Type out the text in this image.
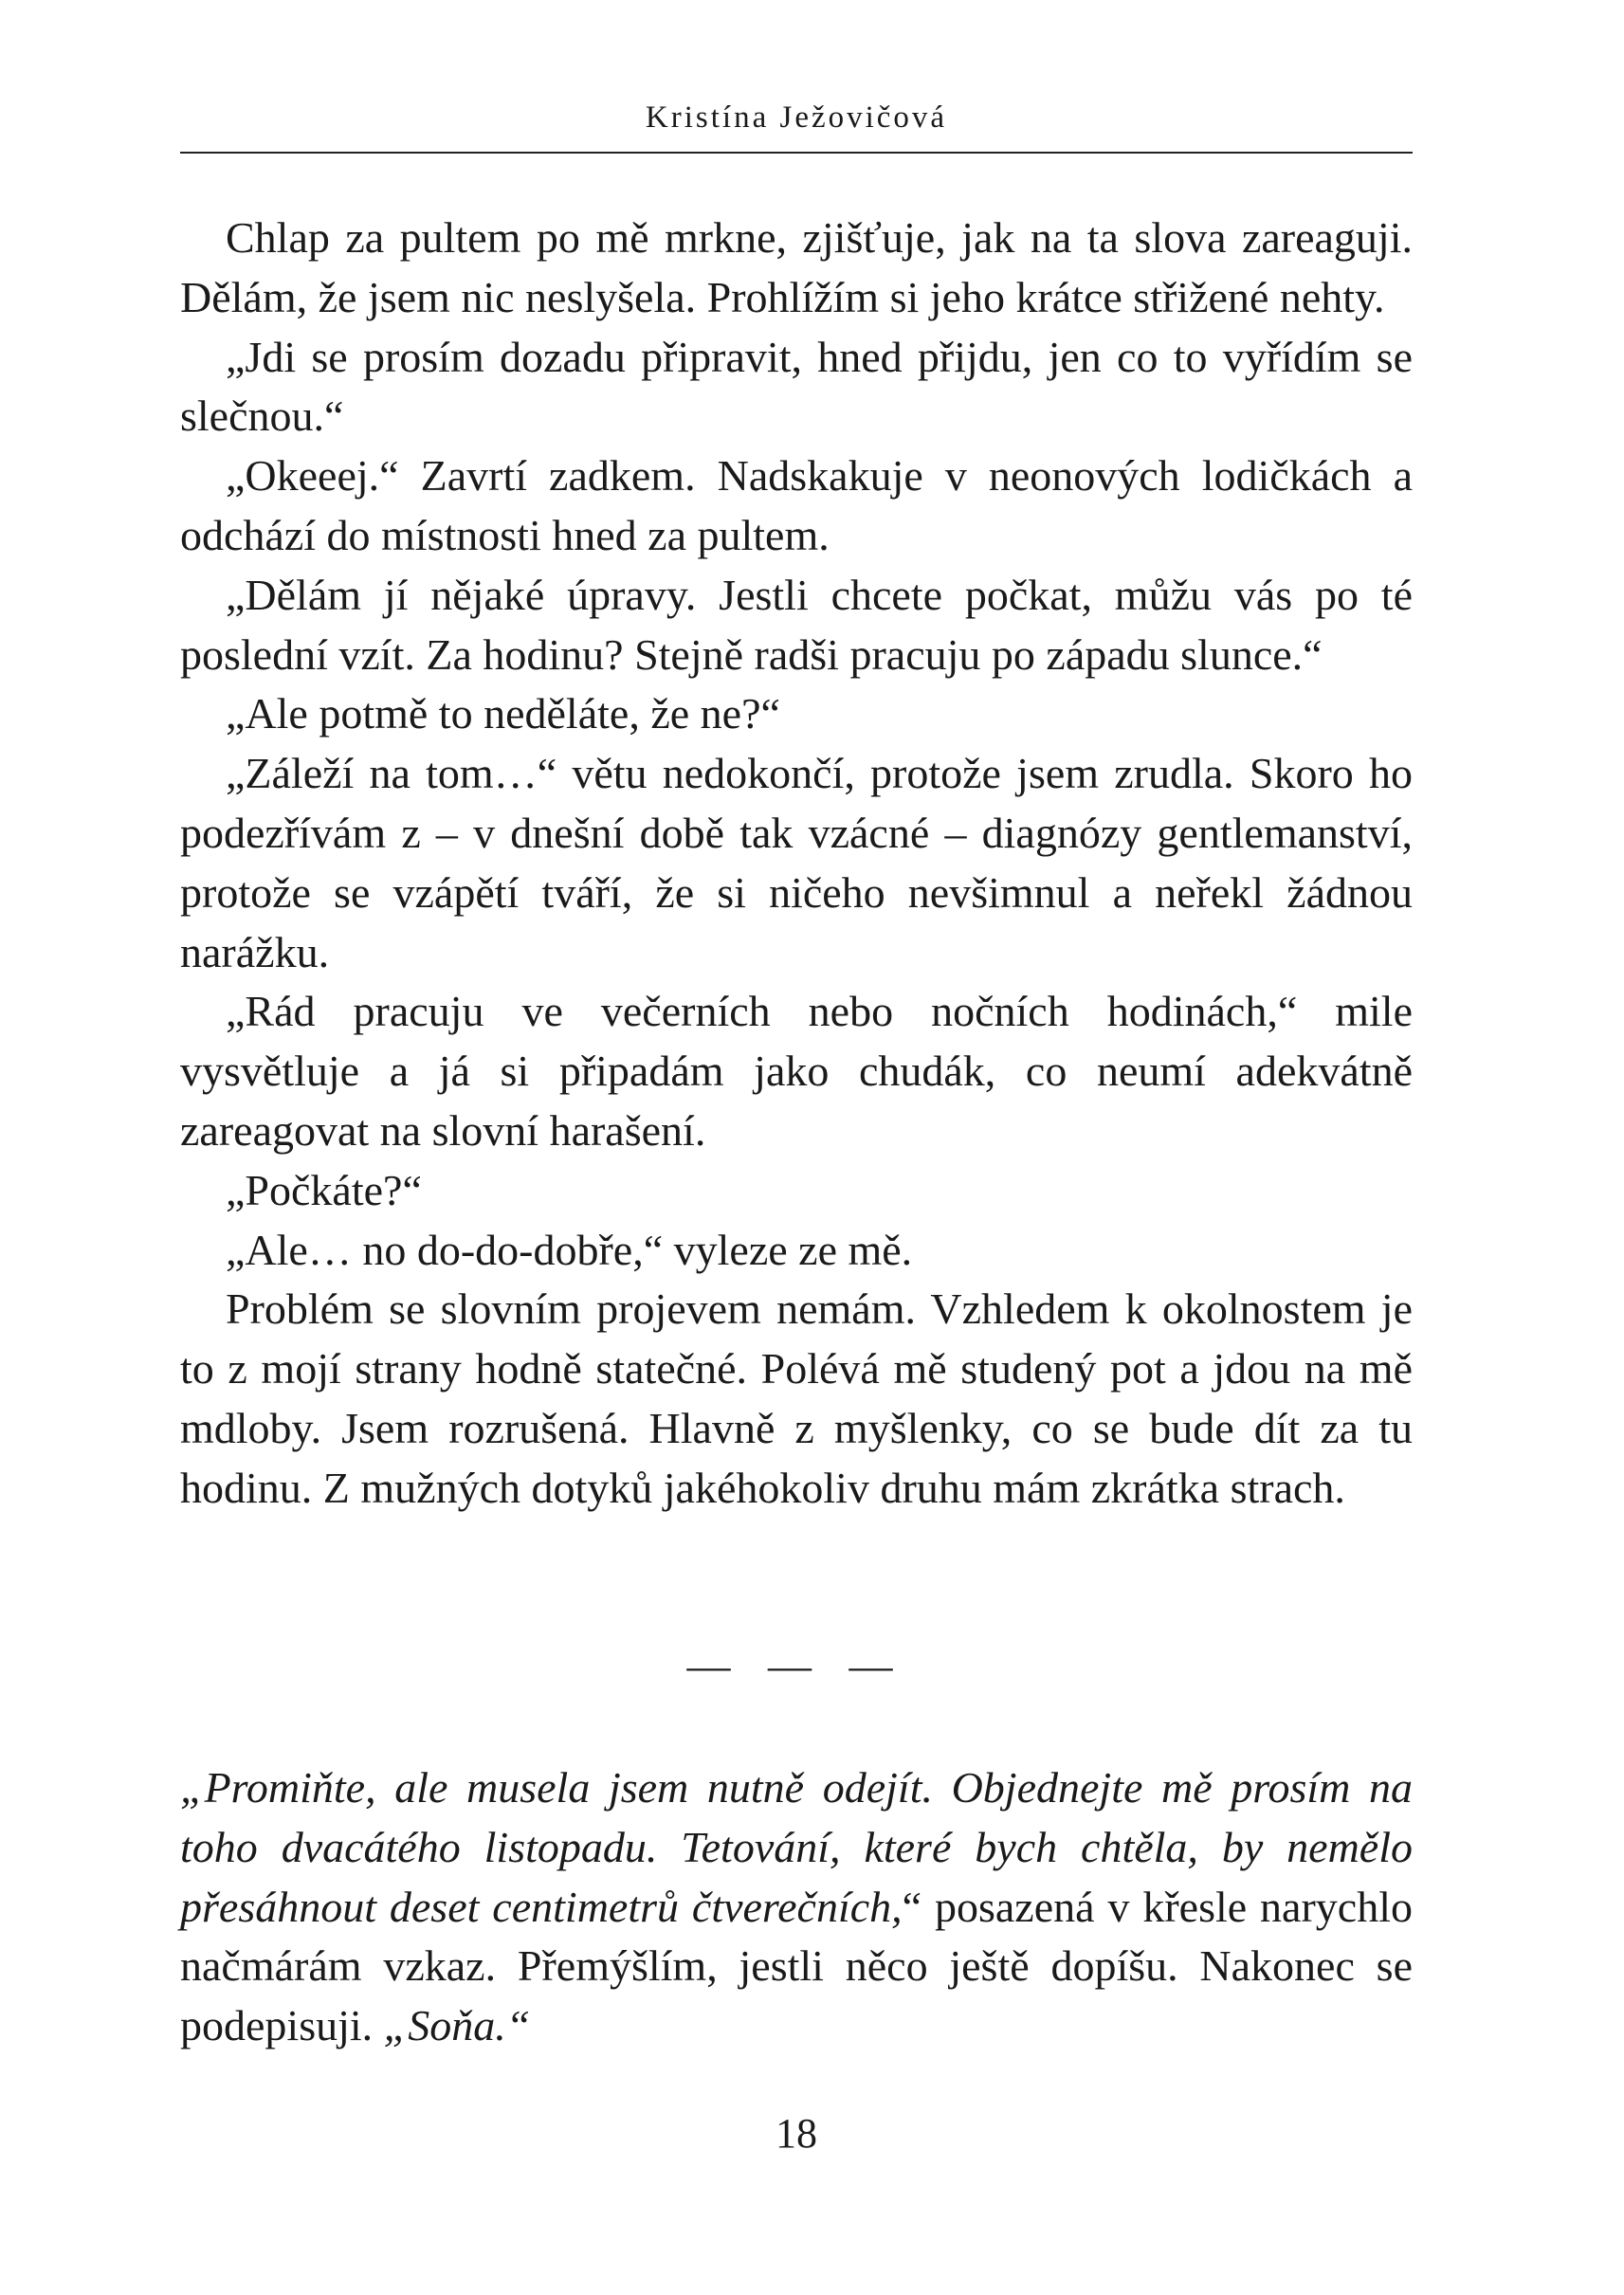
Kristína Ježovičová

Chlap za pultem po mě mrkne, zjišťuje, jak na ta slova zareaguji. Dělám, že jsem nic neslyšela. Prohlížím si jeho krátce střižené nehty.

„Jdi se prosím dozadu připravit, hned přijdu, jen co to vyřídím se slečnou.“

„Okeeej.“ Zavrtí zadkem. Nadskakuje v neonových lodičkách a odchází do místnosti hned za pultem.

„Dělám jí nějaké úpravy. Jestli chcete počkat, můžu vás po té poslední vzít. Za hodinu? Stejně radši pracuju po západu slunce.“

„Ale potmě to neděláte, že ne?“

„Záleží na tom…“ větu nedokončí, protože jsem zrudla. Skoro ho podezřívám z – v dnešní době tak vzácné – diagnózy gentlemanství, protože se vzápětí tváří, že si ničeho nevšimnul a neřekl žádnou narážku.

„Rád pracuju ve večerních nebo nočních hodinách,“ mile vysvětluje a já si připadám jako chudák, co neumí adekvátně zareagovat na slovní harašení.

„Počkáte?“

„Ale… no do-do-dobře,“ vyleze ze mě.

Problém se slovním projevem nemám. Vzhledem k okolnostem je to z mojí strany hodně statečné. Polévá mě studený pot a jdou na mě mdloby. Jsem rozrušená. Hlavně z myšlenky, co se bude dít za tu hodinu. Z mužných dotyků jakéhokoliv druhu mám zkrátka strach.

— — —

„Promiňte, ale musela jsem nutně odejít. Objednejte mě prosím na toho dvacátého listopadu. Tetování, které bych chtěla, by nemělo přesáhnout deset centimetrů čtverečních,“ posazená v křesle narychlo načmárám vzkaz. Přemýšlím, jestli něco ještě dopíšu. Nakonec se podepisuji. „Soňa.“

18
